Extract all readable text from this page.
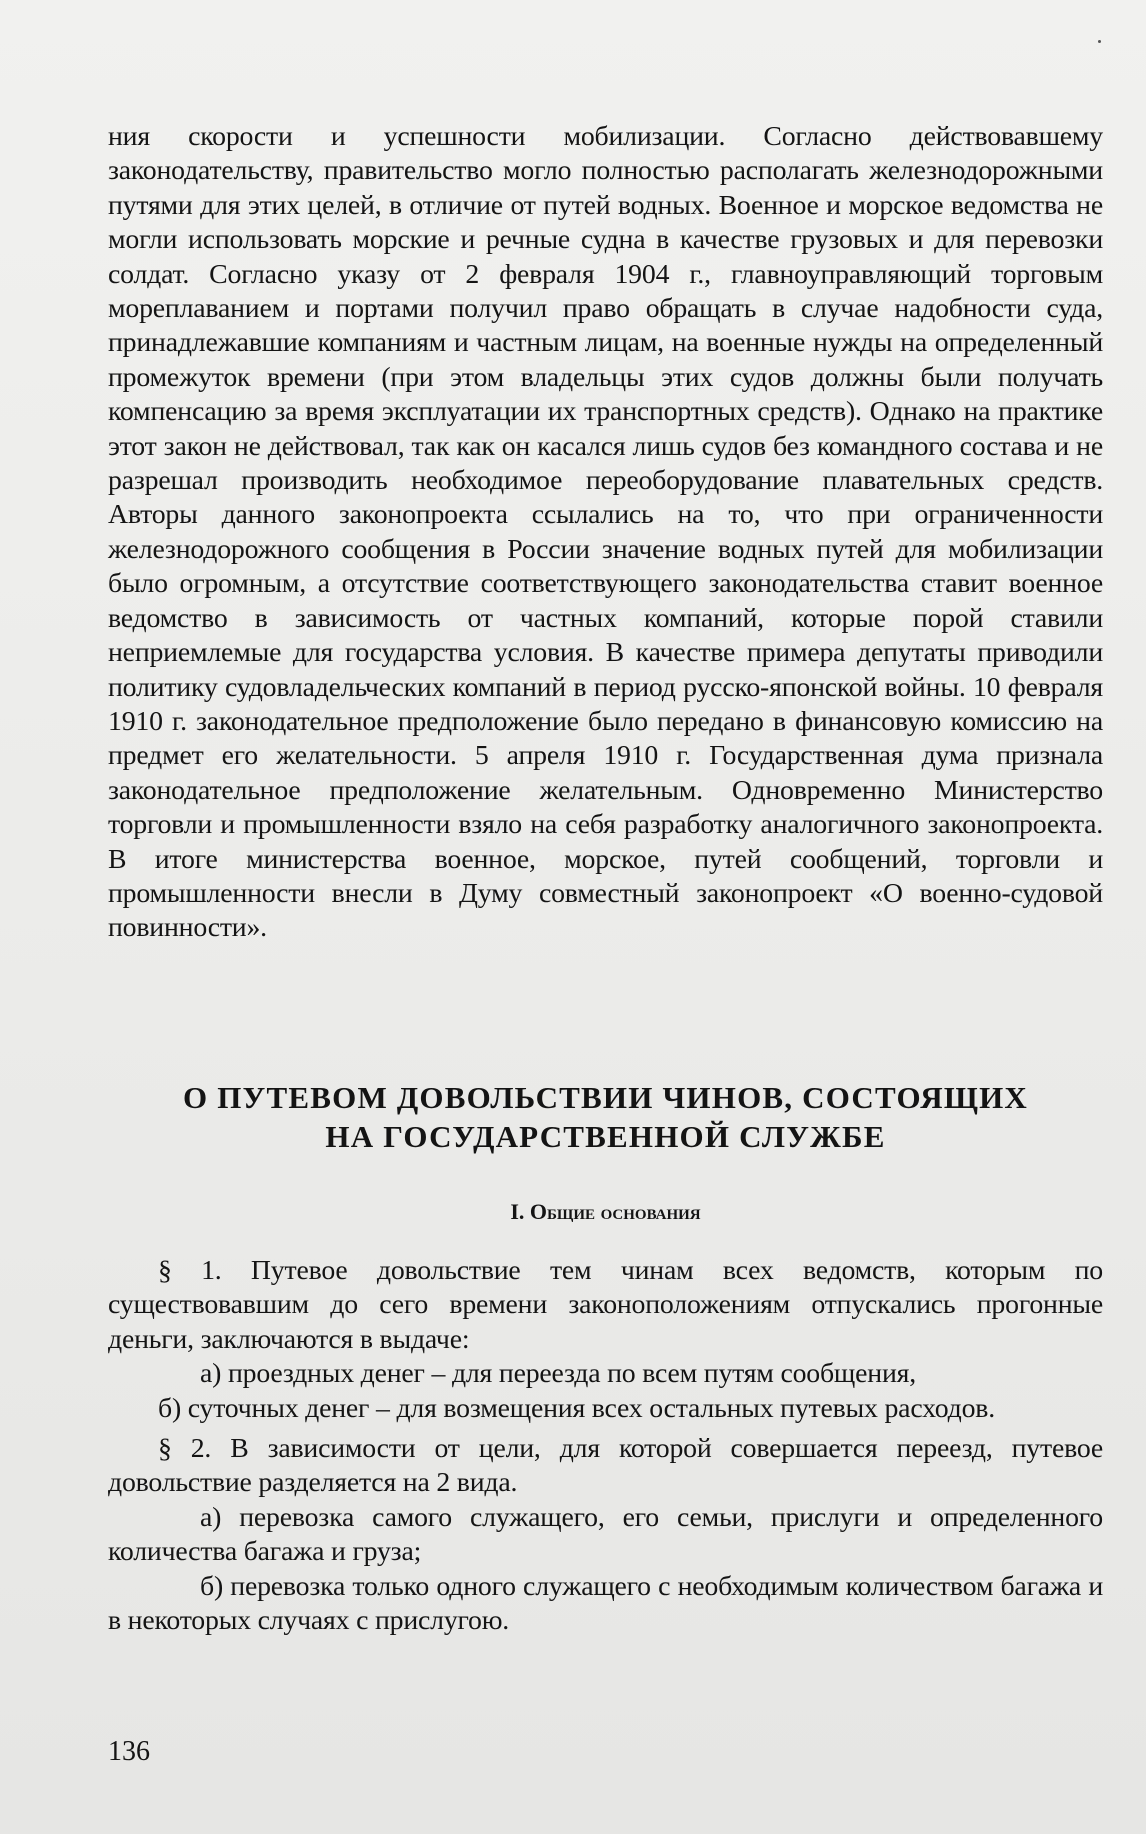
ния скорости и успешности мобилизации. Согласно действовавшему законодательству, правительство могло полностью располагать железнодорожными путями для этих целей, в отличие от путей водных. Военное и морское ведомства не могли использовать морские и речные судна в качестве грузовых и для перевозки солдат. Согласно указу от 2 февраля 1904 г., главноуправляющий торговым мореплаванием и портами получил право обращать в случае надобности суда, принадлежавшие компаниям и частным лицам, на военные нужды на определенный промежуток времени (при этом владельцы этих судов должны были получать компенсацию за время эксплуатации их транспортных средств). Однако на практике этот закон не действовал, так как он касался лишь судов без командного состава и не разрешал производить необходимое переоборудование плавательных средств. Авторы данного законопроекта ссылались на то, что при ограниченности железнодорожного сообщения в России значение водных путей для мобилизации было огромным, а отсутствие соответствующего законодательства ставит военное ведомство в зависимость от частных компаний, которые порой ставили неприемлемые для государства условия. В качестве примера депутаты приводили политику судовладельческих компаний в период русско-японской войны. 10 февраля 1910 г. законодательное предположение было передано в финансовую комиссию на предмет его желательности. 5 апреля 1910 г. Государственная дума признала законодательное предположение желательным. Одновременно Министерство торговли и промышленности взяло на себя разработку аналогичного законопроекта. В итоге министерства военное, морское, путей сообщений, торговли и промышленности внесли в Думу совместный законопроект «О военно-судовой повинности».

О ПУТЕВОМ ДОВОЛЬСТВИИ ЧИНОВ, СОСТОЯЩИХ
НА ГОСУДАРСТВЕННОЙ СЛУЖБЕ
I. Общие основания

§ 1. Путевое довольствие тем чинам всех ведомств, которым по существовавшим до сего времени законоположениям отпускались прогонные деньги, заключаются в выдаче:

а) проездных денег – для переезда по всем путям сообщения,

б) суточных денег – для возмещения всех остальных путевых расходов.

§ 2. В зависимости от цели, для которой совершается переезд, путевое довольствие разделяется на 2 вида.

а) перевозка самого служащего, его семьи, прислуги и определенного количества багажа и груза;

б) перевозка только одного служащего с необходимым количеством багажа и в некоторых случаях с прислугою.

136
